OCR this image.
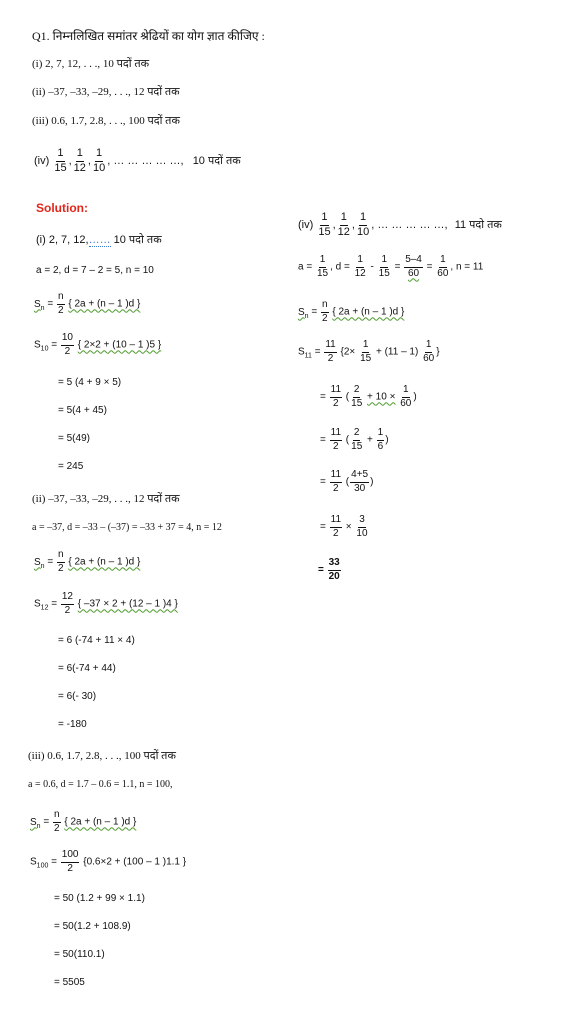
Q1. निम्नलिखित समांतर श्रेढियों का योग ज्ञात कीजिए :
(i) 2, 7, 12, . . ., 10 पदों तक
(ii) –37, –33, –29, . . ., 12 पदों तक
(iii) 0.6, 1.7, 2.8, . . ., 100 पदों तक
$(iv) \frac{1}{15}$ , $\frac{1}{12}$ , $\frac{1}{10}$ , … … … … …, 10 पदों तक
Solution:
(i) 2, 7, 12,…… 10 पदो तक
a = 2, d = 7 – 2 = 5, n = 10
$S_n = \frac{n}{2}$ { 2a + (n – 1 )d }
$S_{10} = \frac{10}{2}$ { 2×2 + (10 – 1 )5 }
= 5 (4 + 9 × 5)
= 5(4 + 45)
= 5(49)
= 245
(ii) –37, –33, –29, . . ., 12 पदों तक
a = –37, d = –33 – (–37) = –33 + 37 = 4, n = 12
$S_n = \frac{n}{2}$ { 2a + (n – 1 )d }
$S_{12} = \frac{12}{2}$ { –37 × 2 + (12 – 1 )4 }
= 6 (-74 + 11 × 4)
= 6(-74 + 44)
= 6(- 30)
= -180
(iii) 0.6, 1.7, 2.8, . . ., 100 पदों तक
a = 0.6, d = 1.7 – 0.6 = 1.1, n = 100,
$S_n = \frac{n}{2}$ { 2a + (n – 1 )d }
$S_{100} = \frac{100}{2} \{0.6\times 2 + (100 - 1$ )1.1 }
= 50 (1.2 + 99 × 1.1)
= 50(1.2 + 108.9)
= 50(110.1)
= 5505
$(iv) \frac{1}{15}$ , $\frac{1}{12}$ , $\frac{1}{10}$ , … … … … …, 11 पदो तक
$a = \frac{1}{15}$ , $d = \frac{1}{12} - \frac{1}{15} = \frac{5-4}{60} = \frac{1}{60}$ , n = 11
$S_n = \frac{n}{2}$ { 2a + (n – 1 )d }
$S_{11} = \frac{11}{2} \{2\times \frac{1}{15} + (11 - 1) \frac{1}{60}$ }
= $\frac{11}{2}$ ( $\frac{2}{15} + 10 \times \frac{1}{60}$ )
= $\frac{11}{2}$ ( $\frac{2}{15} + \frac{1}{6}$ )
= $\frac{11}{2}$ ( $\frac{4+5}{30}$ )
= $\frac{11}{2} \times \frac{3}{10}$
= $\frac{33}{20}$
